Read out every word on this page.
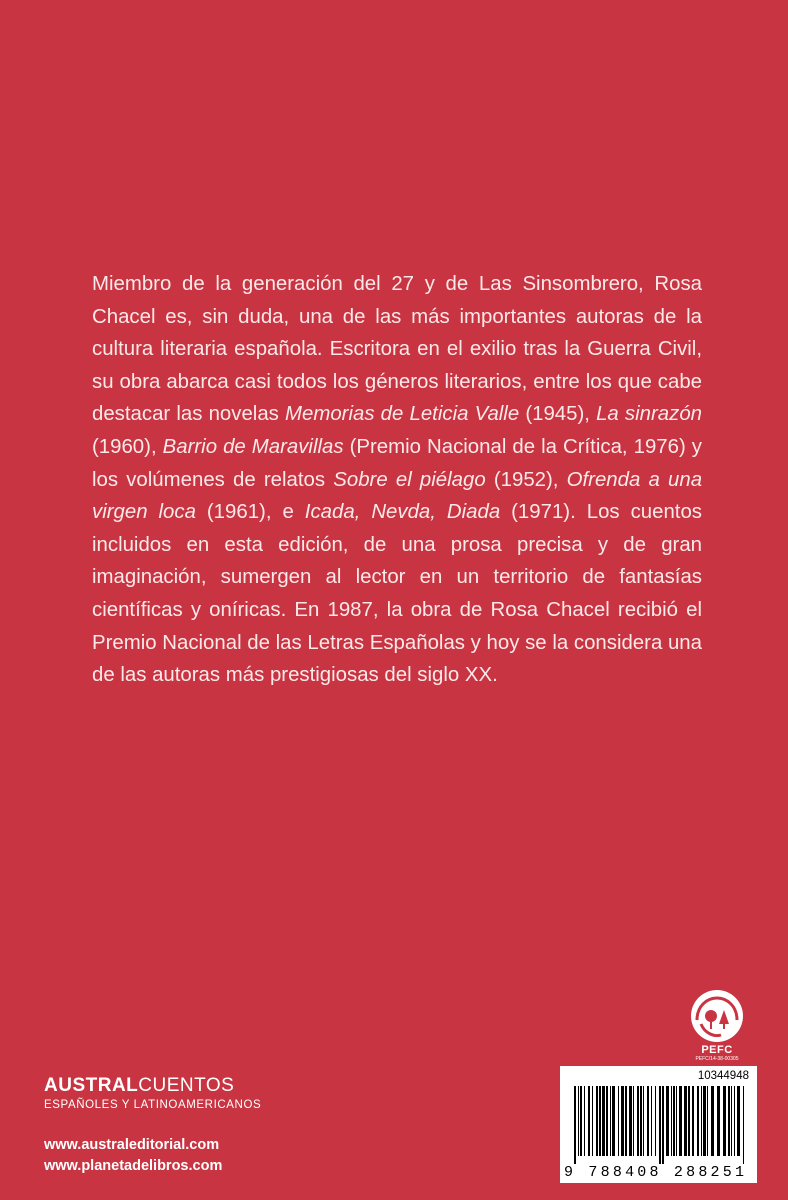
Miembro de la generación del 27 y de Las Sinsombrero, Rosa Chacel es, sin duda, una de las más importantes autoras de la cultura literaria española. Escritora en el exilio tras la Guerra Civil, su obra abarca casi todos los géneros literarios, entre los que cabe destacar las novelas Memorias de Leticia Valle (1945), La sinrazón (1960), Barrio de Maravillas (Premio Nacional de la Crítica, 1976) y los volúmenes de relatos Sobre el piélago (1952), Ofrenda a una virgen loca (1961), e Icada, Nevda, Diada (1971). Los cuentos incluidos en esta edición, de una prosa precisa y de gran imaginación, sumergen al lector en un territorio de fantasías científicas y oníricas. En 1987, la obra de Rosa Chacel recibió el Premio Nacional de las Letras Españolas y hoy se la considera una de las autoras más prestigiosas del siglo XX.

AUSTRALCUENTOS
ESPAÑOLES Y LATINOAMERICANOS
www.australeditorial.com
www.planetadelibros.com
PEFC
PEFC/14-38-00305
10344948
9 788408 288251
